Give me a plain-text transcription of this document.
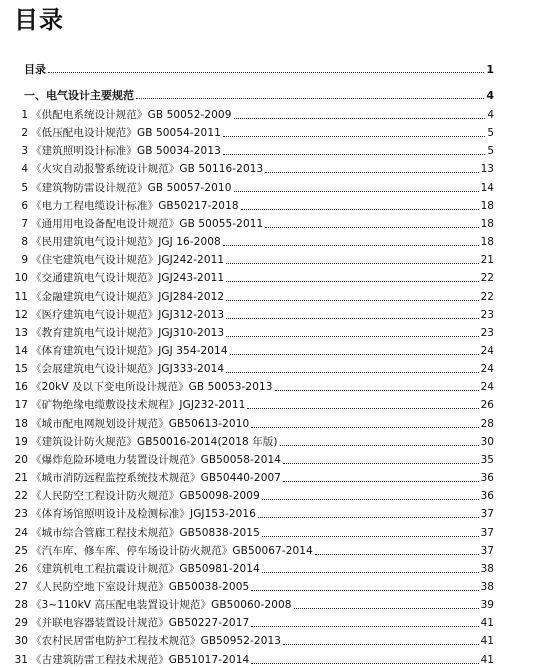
目录
目录	1
一、电气设计主要规范	4
1 《供配电系统设计规范》GB 50052-2009	4
2 《低压配电设计规范》GB 50054-2011	5
3 《建筑照明设计标准》GB 50034-2013	5
4 《火灾自动报警系统设计规范》GB 50116-2013	13
5 《建筑物防雷设计规范》GB 50057-2010	14
6 《电力工程电缆设计标准》GB50217-2018	18
7 《通用用电设备配电设计规范》GB 50055-2011	18
8 《民用建筑电气设计规范》JGJ 16-2008	18
9 《住宅建筑电气设计规范》JGJ242-2011	21
10 《交通建筑电气设计规范》JGJ243-2011	22
11 《金融建筑电气设计规范》JGJ284-2012	22
12 《医疗建筑电气设计规范》JGJ312-2013	23
13 《教育建筑电气设计规范》JGJ310-2013	23
14 《体育建筑电气设计规范》JGJ 354-2014	24
15 《会展建筑电气设计规范》JGJ333-2014	24
16 《20kV 及以下变电所设计规范》GB 50053-2013	24
17 《矿物绝缘电缆敷设技术规程》JGJ232-2011	26
18 《城市配电网规划设计规范》GB50613-2010	28
19 《建筑设计防火规范》GB50016-2014(2018 年版)	30
20 《爆炸危险环境电力装置设计规范》GB50058-2014	35
21 《城市消防远程监控系统技术规范》GB50440-2007	36
22 《人民防空工程设计防火规范》GB50098-2009	36
23 《体育场馆照明设计及检测标准》JGJ153-2016	37
24 《城市综合管廊工程技术规范》GB50838-2015	37
25 《汽车库、修车库、停车场设计防火规范》GB50067-2014	37
26 《建筑机电工程抗震设计规范》GB50981-2014	38
27 《人民防空地下室设计规范》GB50038-2005	38
28 《3~110kV 高压配电装置设计规范》GB50060-2008	39
29 《并联电容器装置设计规范》GB50227-2017	41
30 《农村民居雷电防护工程技术规范》GB50952-2013	41
31 《古建筑防雷工程技术规范》GB51017-2014	41
